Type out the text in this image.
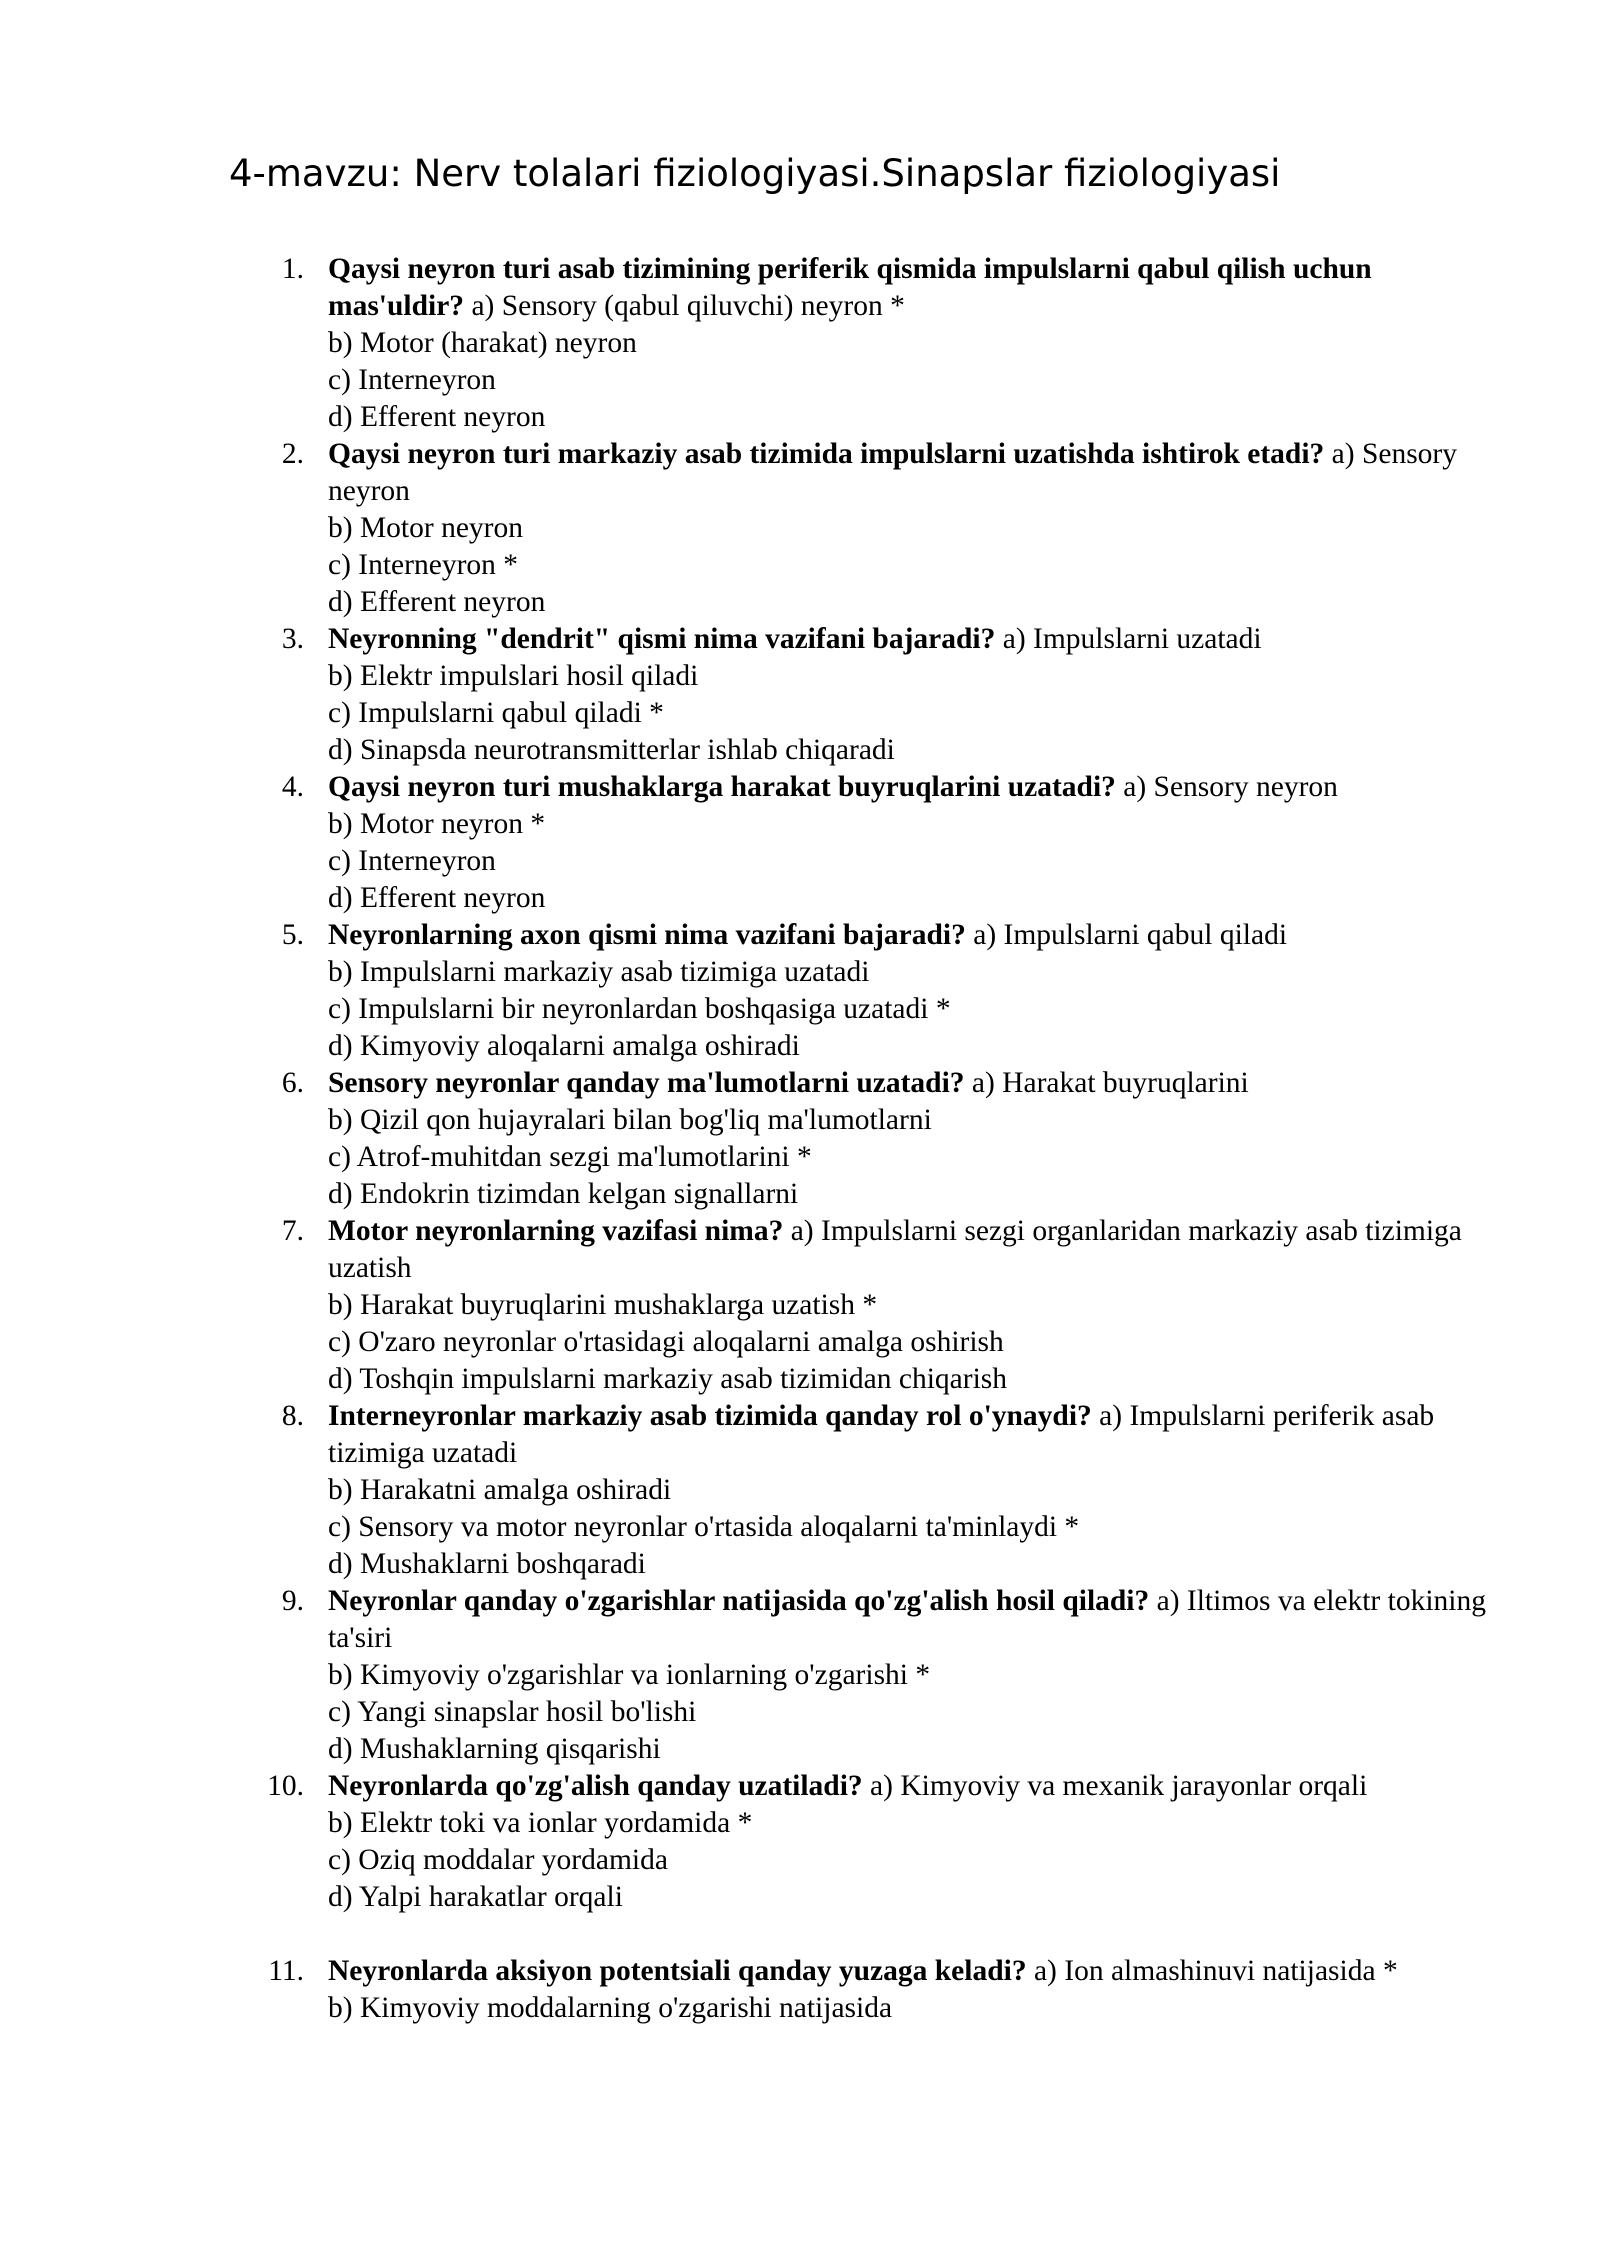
4-mavzu: Nerv tolalari fiziologiyasi.Sinapslar fiziologiyasi
1. Qaysi neyron turi asab tizimining periferik qismida impulslarni qabul qilish uchun mas'uldir? a) Sensory (qabul qiluvchi) neyron *
b) Motor (harakat) neyron
c) Interneyron
d) Efferent neyron
2. Qaysi neyron turi markaziy asab tizimida impulslarni uzatishda ishtirok etadi? a) Sensory neyron
b) Motor neyron
c) Interneyron *
d) Efferent neyron
3. Neyronning "dendrit" qismi nima vazifani bajaradi? a) Impulslarni uzatadi
b) Elektr impulslari hosil qiladi
c) Impulslarni qabul qiladi *
d) Sinapsda neurotransmitterlar ishlab chiqaradi
4. Qaysi neyron turi mushaklarga harakat buyruqlarini uzatadi? a) Sensory neyron
b) Motor neyron *
c) Interneyron
d) Efferent neyron
5. Neyronlarning axon qismi nima vazifani bajaradi? a) Impulslarni qabul qiladi
b) Impulslarni markaziy asab tizimiga uzatadi
c) Impulslarni bir neyronlardan boshqasiga uzatadi *
d) Kimyoviy aloqalarni amalga oshiradi
6. Sensory neyronlar qanday ma'lumotlarni uzatadi? a) Harakat buyruqlarini
b) Qizil qon hujayralari bilan bog'liq ma'lumotlarni
c) Atrof-muhitdan sezgi ma'lumotlarini *
d) Endokrin tizimdan kelgan signallarni
7. Motor neyronlarning vazifasi nima? a) Impulslarni sezgi organlaridan markaziy asab tizimiga uzatish
b) Harakat buyruqlarini mushaklarga uzatish *
c) O'zaro neyronlar o'rtasidagi aloqalarni amalga oshirish
d) Toshqin impulslarni markaziy asab tizimidan chiqarish
8. Interneyronlar markaziy asab tizimida qanday rol o'ynaydi? a) Impulslarni periferik asab tizimiga uzatadi
b) Harakatni amalga oshiradi
c) Sensory va motor neyronlar o'rtasida aloqalarni ta'minlaydi *
d) Mushaklarni boshqaradi
9. Neyronlar qanday o'zgarishlar natijasida qo'zg'alish hosil qiladi? a) Iltimos va elektr tokining ta'siri
b) Kimyoviy o'zgarishlar va ionlarning o'zgarishi *
c) Yangi sinapslar hosil bo'lishi
d) Mushaklarning qisqarishi
10. Neyronlarda qo'zg'alish qanday uzatiladi? a) Kimyoviy va mexanik jarayonlar orqali
b) Elektr toki va ionlar yordamida *
c) Oziq moddalar yordamida
d) Yalpi harakatlar orqali
11. Neyronlarda aksiyon potentsiali qanday yuzaga keladi? a) Ion almashinuvi natijasida *
b) Kimyoviy moddalarning o'zgarishi natijasida
